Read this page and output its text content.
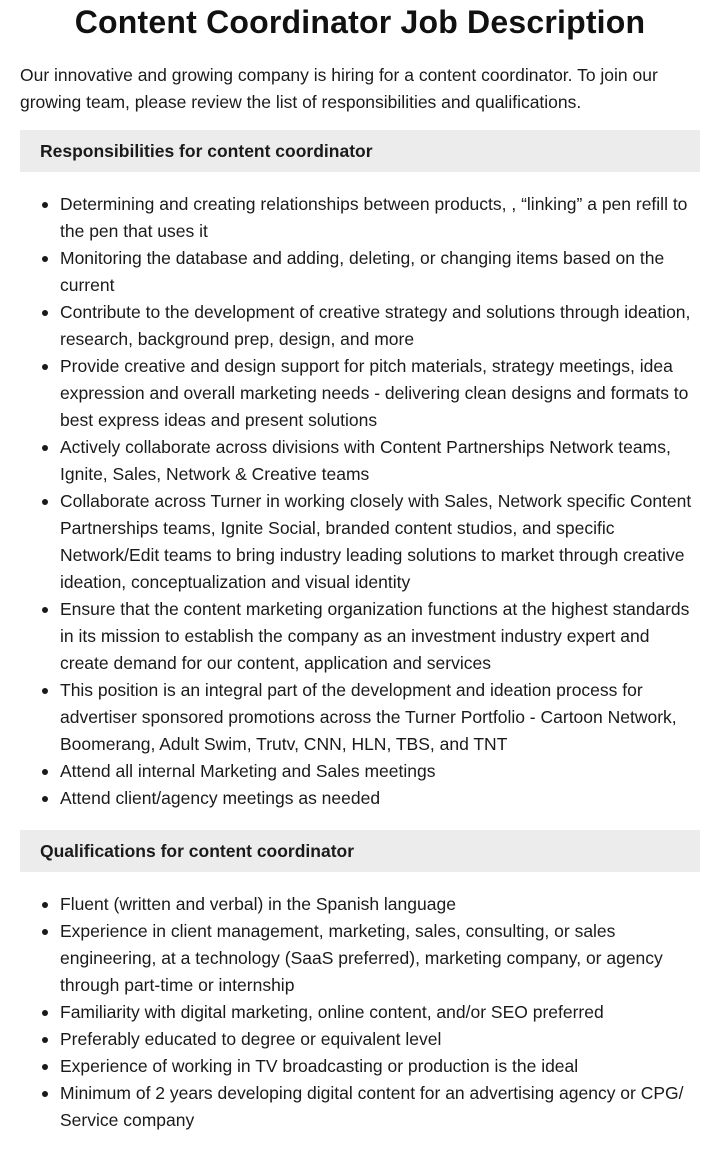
Content Coordinator Job Description

Our innovative and growing company is hiring for a content coordinator. To join our growing team, please review the list of responsibilities and qualifications.

Responsibilities for content coordinator
Determining and creating relationships between products, , “linking” a pen refill to the pen that uses it
Monitoring the database and adding, deleting, or changing items based on the current
Contribute to the development of creative strategy and solutions through ideation, research, background prep, design, and more
Provide creative and design support for pitch materials, strategy meetings, idea expression and overall marketing needs - delivering clean designs and formats to best express ideas and present solutions
Actively collaborate across divisions with Content Partnerships Network teams, Ignite, Sales, Network & Creative teams
Collaborate across Turner in working closely with Sales, Network specific Content Partnerships teams, Ignite Social, branded content studios, and specific Network/Edit teams to bring industry leading solutions to market through creative ideation, conceptualization and visual identity
Ensure that the content marketing organization functions at the highest standards in its mission to establish the company as an investment industry expert and create demand for our content, application and services
This position is an integral part of the development and ideation process for advertiser sponsored promotions across the Turner Portfolio - Cartoon Network, Boomerang, Adult Swim, Trutv, CNN, HLN, TBS, and TNT
Attend all internal Marketing and Sales meetings
Attend client/agency meetings as needed
Qualifications for content coordinator
Fluent (written and verbal) in the Spanish language
Experience in client management, marketing, sales, consulting, or sales engineering, at a technology (SaaS preferred), marketing company, or agency through part-time or internship
Familiarity with digital marketing, online content, and/or SEO preferred
Preferably educated to degree or equivalent level
Experience of working in TV broadcasting or production is the ideal
Minimum of 2 years developing digital content for an advertising agency or CPG/ Service company
